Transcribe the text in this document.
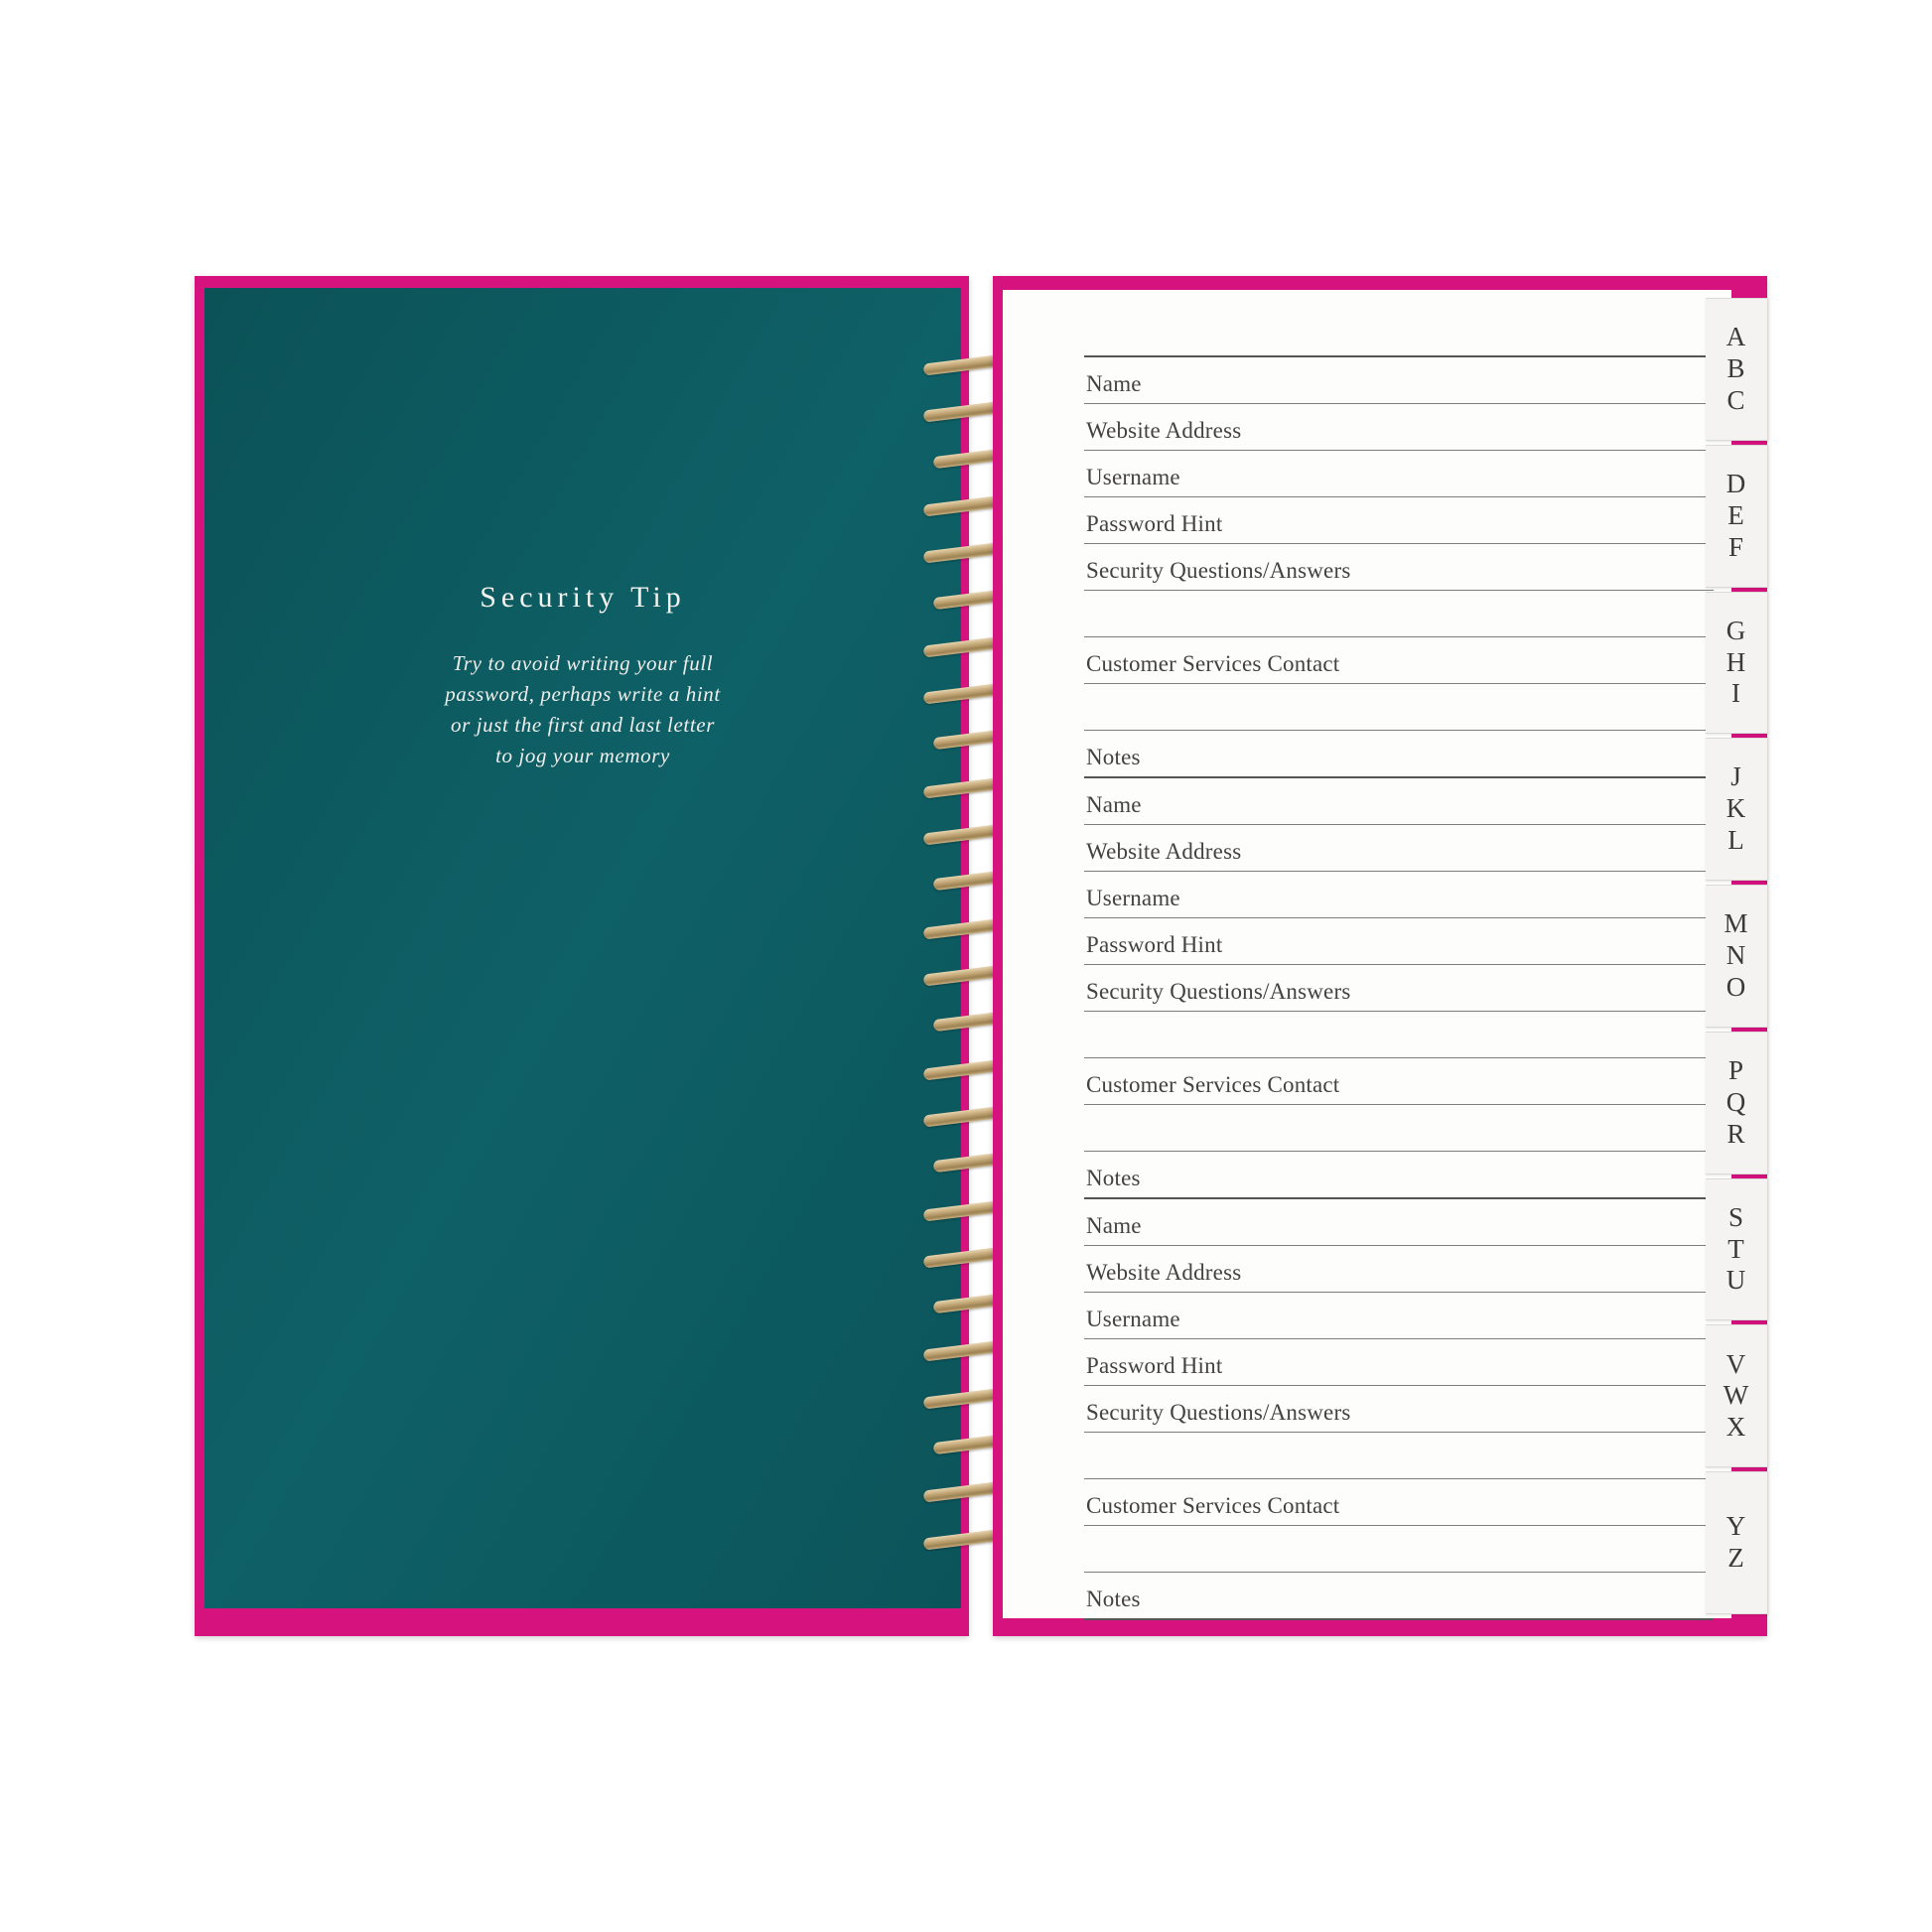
Security Tip
Try to avoid writing your full
password, perhaps write a hint
or just the first and last letter
to jog your memory
Name
Website Address
Username
Password Hint
Security Questions/Answers
Customer Services Contact
Notes
Name
Website Address
Username
Password Hint
Security Questions/Answers
Customer Services Contact
Notes
Name
Website Address
Username
Password Hint
Security Questions/Answers
Customer Services Contact
Notes
A
B
C
D
E
F
G
H
I
J
K
L
M
N
O
P
Q
R
S
T
U
V
W
X
Y
Z
